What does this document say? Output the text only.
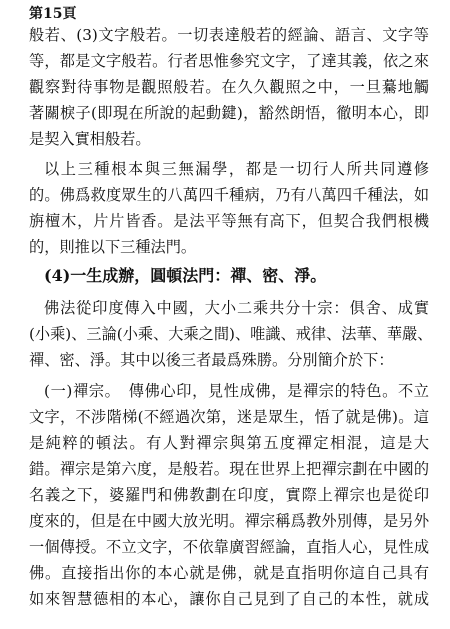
第15頁
般若、(3)文字般若。一切表達般若的經論、語言、文字等
等，都是文字般若。行者思惟參究文字，了達其義，依之來
觀察對待事物是觀照般若。在久久觀照之中，一旦驀地觸
著關棙子(即現在所說的起動鍵)，豁然朗悟，徹明本心，即
是契入實相般若。
以上三種根本與三無漏學，都是一切行人所共同遵修
的。佛爲救度眾生的八萬四千種病，乃有八萬四千種法，如
旃檀木，片片皆香。是法平等無有高下，但契合我們根機
的，則推以下三種法門。
(4)一生成辦，圓頓法門：禪、密、淨。
佛法從印度傳入中國，大小二乘共分十宗：俱舍、成實
(小乘)、三論(小乘、大乘之間)、唯識、戒律、法華、華嚴、
禪、密、淨。其中以後三者最爲殊勝。分別簡介於下：
(一)禪宗。　傳佛心印，見性成佛，是禪宗的特色。不立
文字，不涉階梯(不經過次第，迷是眾生，悟了就是佛)。這
是純粹的頓法。有人對禪宗與第五度禪定相混，這是大
錯。禪宗是第六度，是般若。現在世界上把禪宗劃在中國的
名義之下，婆羅門和佛教劃在印度，實際上禪宗也是從印
度來的，但是在中國大放光明。禪宗稱爲教外別傳，是另外
一個傳授。不立文字，不依靠廣習經論，直指人心，見性成
佛。直接指出你的本心就是佛，就是直指明你這自己具有
如來智慧德相的本心，讓你自己見到了自己的本性，就成
